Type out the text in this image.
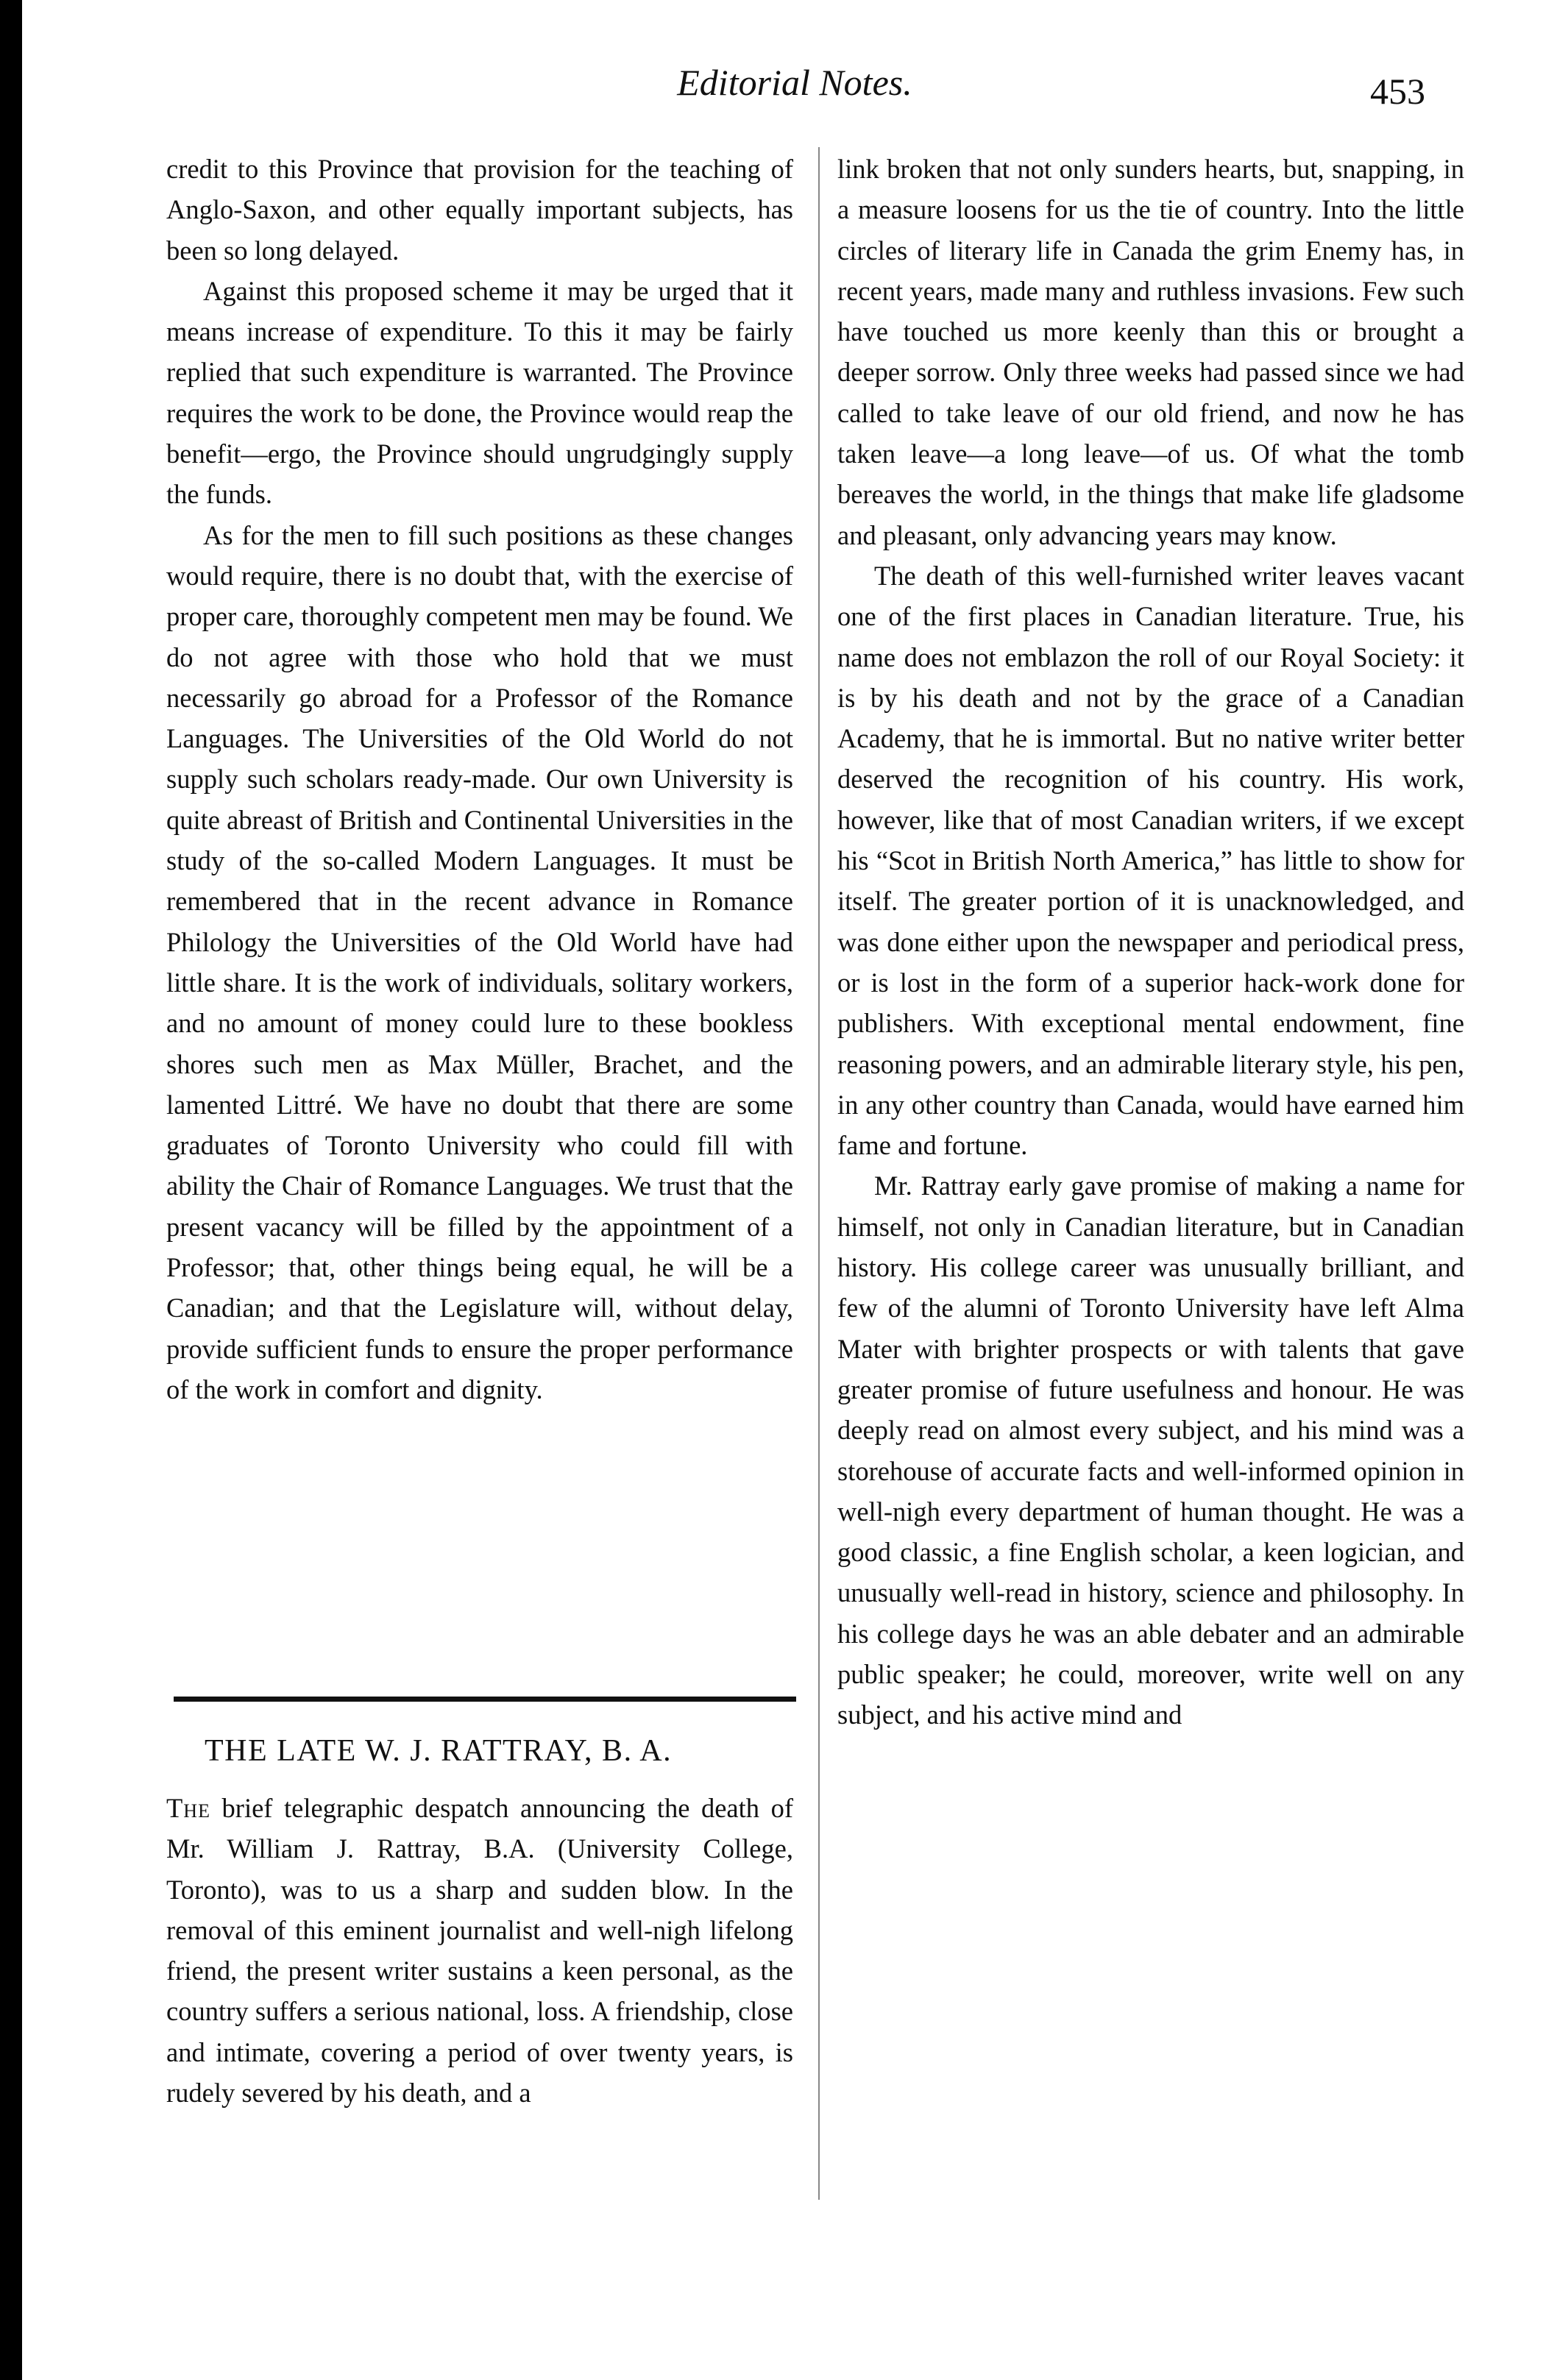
Editorial Notes.	453

credit to this Province that provision for the teaching of Anglo-Saxon, and other equally important subjects, has been so long delayed.

Against this proposed scheme it may be urged that it means increase of expenditure. To this it may be fairly replied that such expenditure is warranted. The Province requires the work to be done, the Province would reap the benefit—ergo, the Province should ungrudgingly supply the funds.

As for the men to fill such positions as these changes would require, there is no doubt that, with the exercise of proper care, thoroughly competent men may be found. We do not agree with those who hold that we must necessarily go abroad for a Professor of the Romance Languages. The Universities of the Old World do not supply such scholars ready-made. Our own University is quite abreast of British and Continental Universities in the study of the so-called Modern Languages. It must be remembered that in the recent advance in Romance Philology the Universities of the Old World have had little share. It is the work of individuals, solitary workers, and no amount of money could lure to these bookless shores such men as Max Müller, Brachet, and the lamented Littré. We have no doubt that there are some graduates of Toronto University who could fill with ability the Chair of Romance Languages. We trust that the present vacancy will be filled by the appointment of a Professor; that, other things being equal, he will be a Canadian; and that the Legislature will, without delay, provide sufficient funds to ensure the proper performance of the work in comfort and dignity.

THE LATE W. J. RATTRAY, B. A.

The brief telegraphic despatch announcing the death of Mr. William J. Rattray, B.A. (University College, Toronto), was to us a sharp and sudden blow. In the removal of this eminent journalist and well-nigh lifelong friend, the present writer sustains a keen personal, as the country suffers a serious national, loss. A friendship, close and intimate, covering a period of over twenty years, is rudely severed by his death, and a

link broken that not only sunders hearts, but, snapping, in a measure loosens for us the tie of country. Into the little circles of literary life in Canada the grim Enemy has, in recent years, made many and ruthless invasions. Few such have touched us more keenly than this or brought a deeper sorrow. Only three weeks had passed since we had called to take leave of our old friend, and now he has taken leave—a long leave—of us. Of what the tomb bereaves the world, in the things that make life gladsome and pleasant, only advancing years may know.

The death of this well-furnished writer leaves vacant one of the first places in Canadian literature. True, his name does not emblazon the roll of our Royal Society: it is by his death and not by the grace of a Canadian Academy, that he is immortal. But no native writer better deserved the recognition of his country. His work, however, like that of most Canadian writers, if we except his “Scot in British North America,” has little to show for itself. The greater portion of it is unacknowledged, and was done either upon the newspaper and periodical press, or is lost in the form of a superior hack-work done for publishers. With exceptional mental endowment, fine reasoning powers, and an admirable literary style, his pen, in any other country than Canada, would have earned him fame and fortune.

Mr. Rattray early gave promise of making a name for himself, not only in Canadian literature, but in Canadian history. His college career was unusually brilliant, and few of the alumni of Toronto University have left Alma Mater with brighter prospects or with talents that gave greater promise of future usefulness and honour. He was deeply read on almost every subject, and his mind was a storehouse of accurate facts and well-informed opinion in well-nigh every department of human thought. He was a good classic, a fine English scholar, a keen logician, and unusually well-read in history, science and philosophy. In his college days he was an able debater and an admirable public speaker; he could, moreover, write well on any subject, and his active mind and
